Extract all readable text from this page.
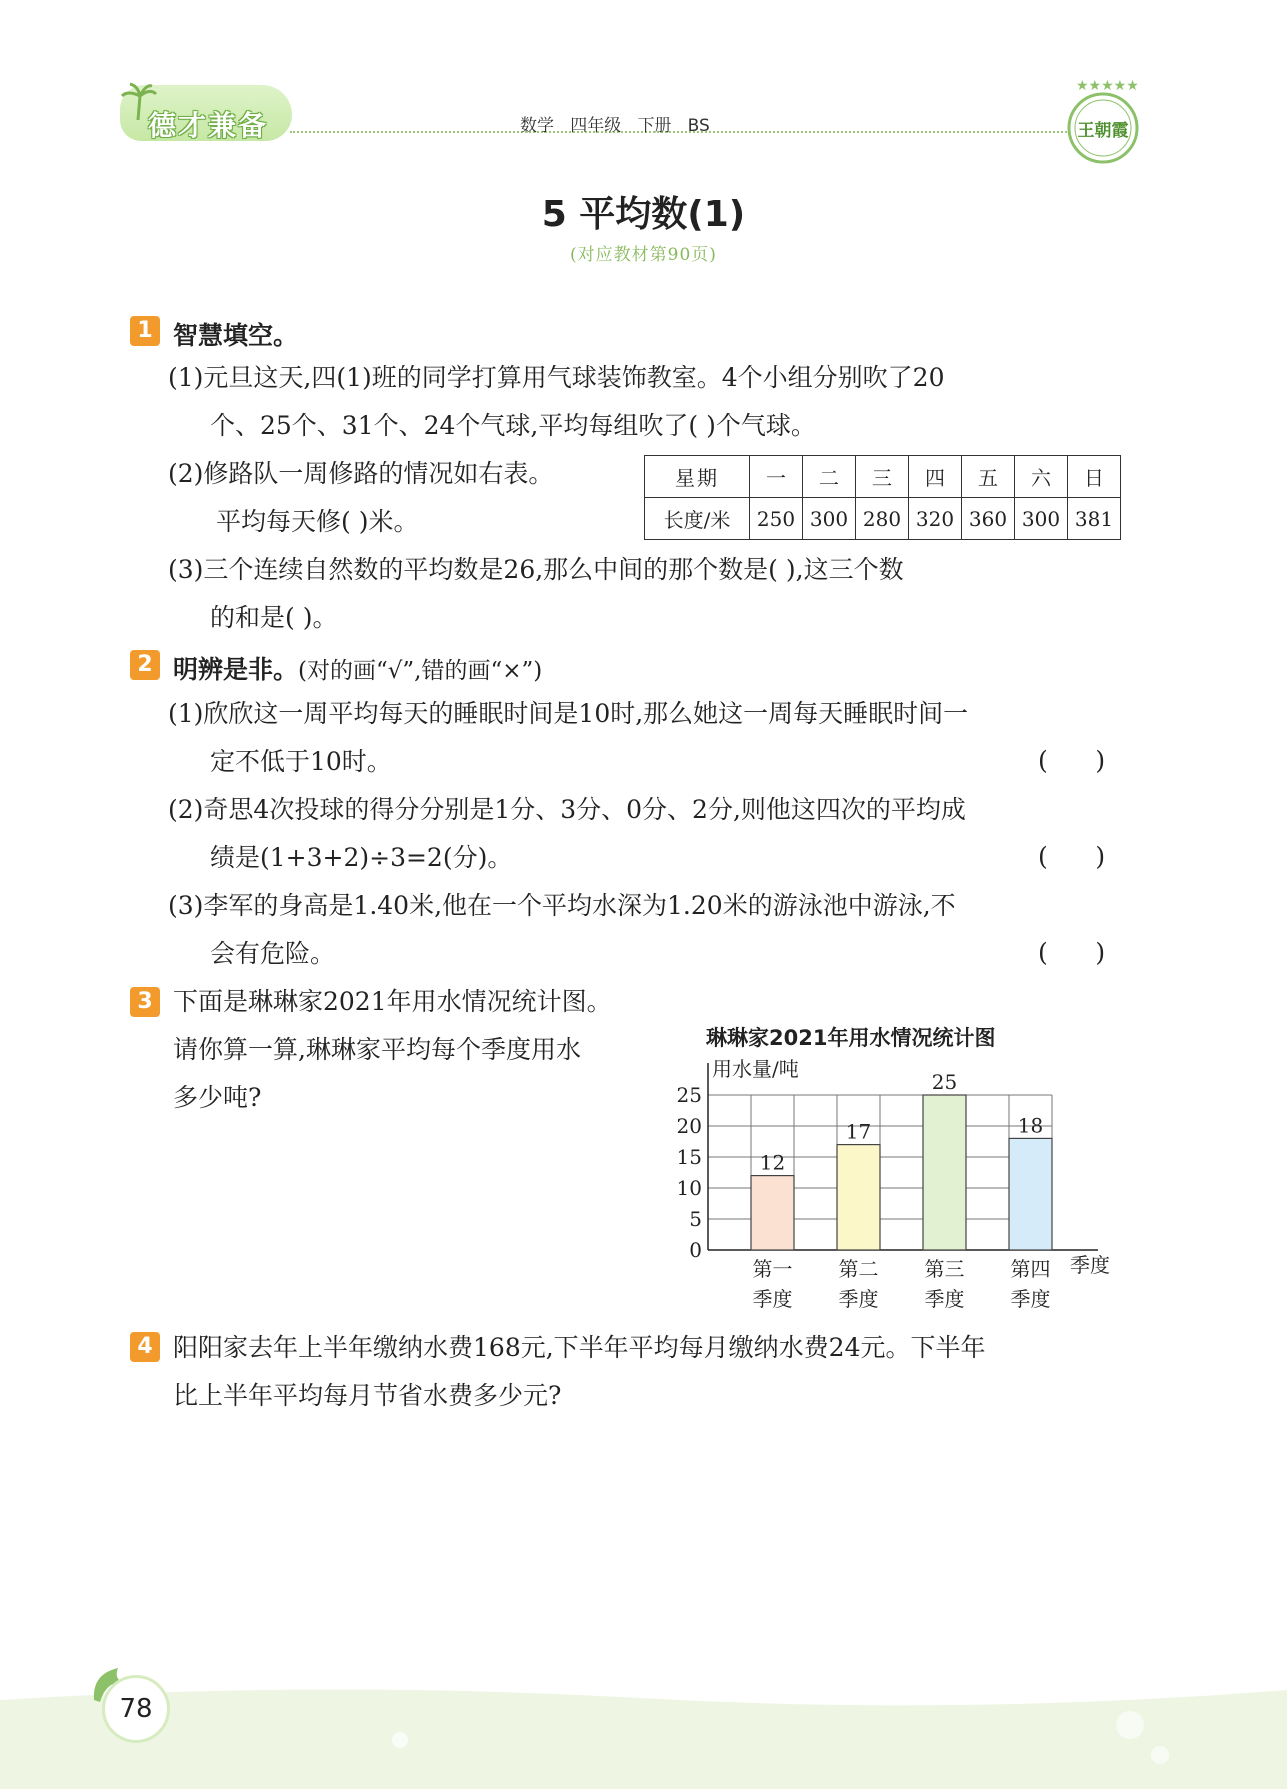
德才兼备	数学 四年级 下册 BS
★★★★★
王朝霞
5 平均数(1)
(对应教材第90页)
1 智慧填空。
(1)元旦这天,四(1)班的同学打算用气球装饰教室。4个小组分别吹了20
个、25个、31个、24个气球,平均每组吹了( )个气球。
(2)修路队一周修路的情况如右表。
平均每天修( )米。
星期	一	二	三	四	五	六	日
长度/米	250	300	280	320	360	300	381
(3)三个连续自然数的平均数是26,那么中间的那个数是( ),这三个数
的和是( )。
2 明辨是非。(对的画“√”,错的画“×”)
(1)欣欣这一周平均每天的睡眠时间是10时,那么她这一周每天睡眠时间一
定不低于10时。	(      )
(2)奇思4次投球的得分分别是1分、3分、0分、2分,则他这四次的平均成
绩是(1+3+2)÷3=2(分)。	(      )
(3)李军的身高是1.40米,他在一个平均水深为1.20米的游泳池中游泳,不
会有危险。	(      )
3 下面是琳琳家2021年用水情况统计图。
请你算一算,琳琳家平均每个季度用水
多少吨?
琳琳家2021年用水情况统计图
0
5
10
15
20
25
12
第一
季度
17
第二
季度
25
第三
季度
18
第四
季度
用水量/吨
季度
4 阳阳家去年上半年缴纳水费168元,下半年平均每月缴纳水费24元。下半年
比上半年平均每月节省水费多少元?
78
